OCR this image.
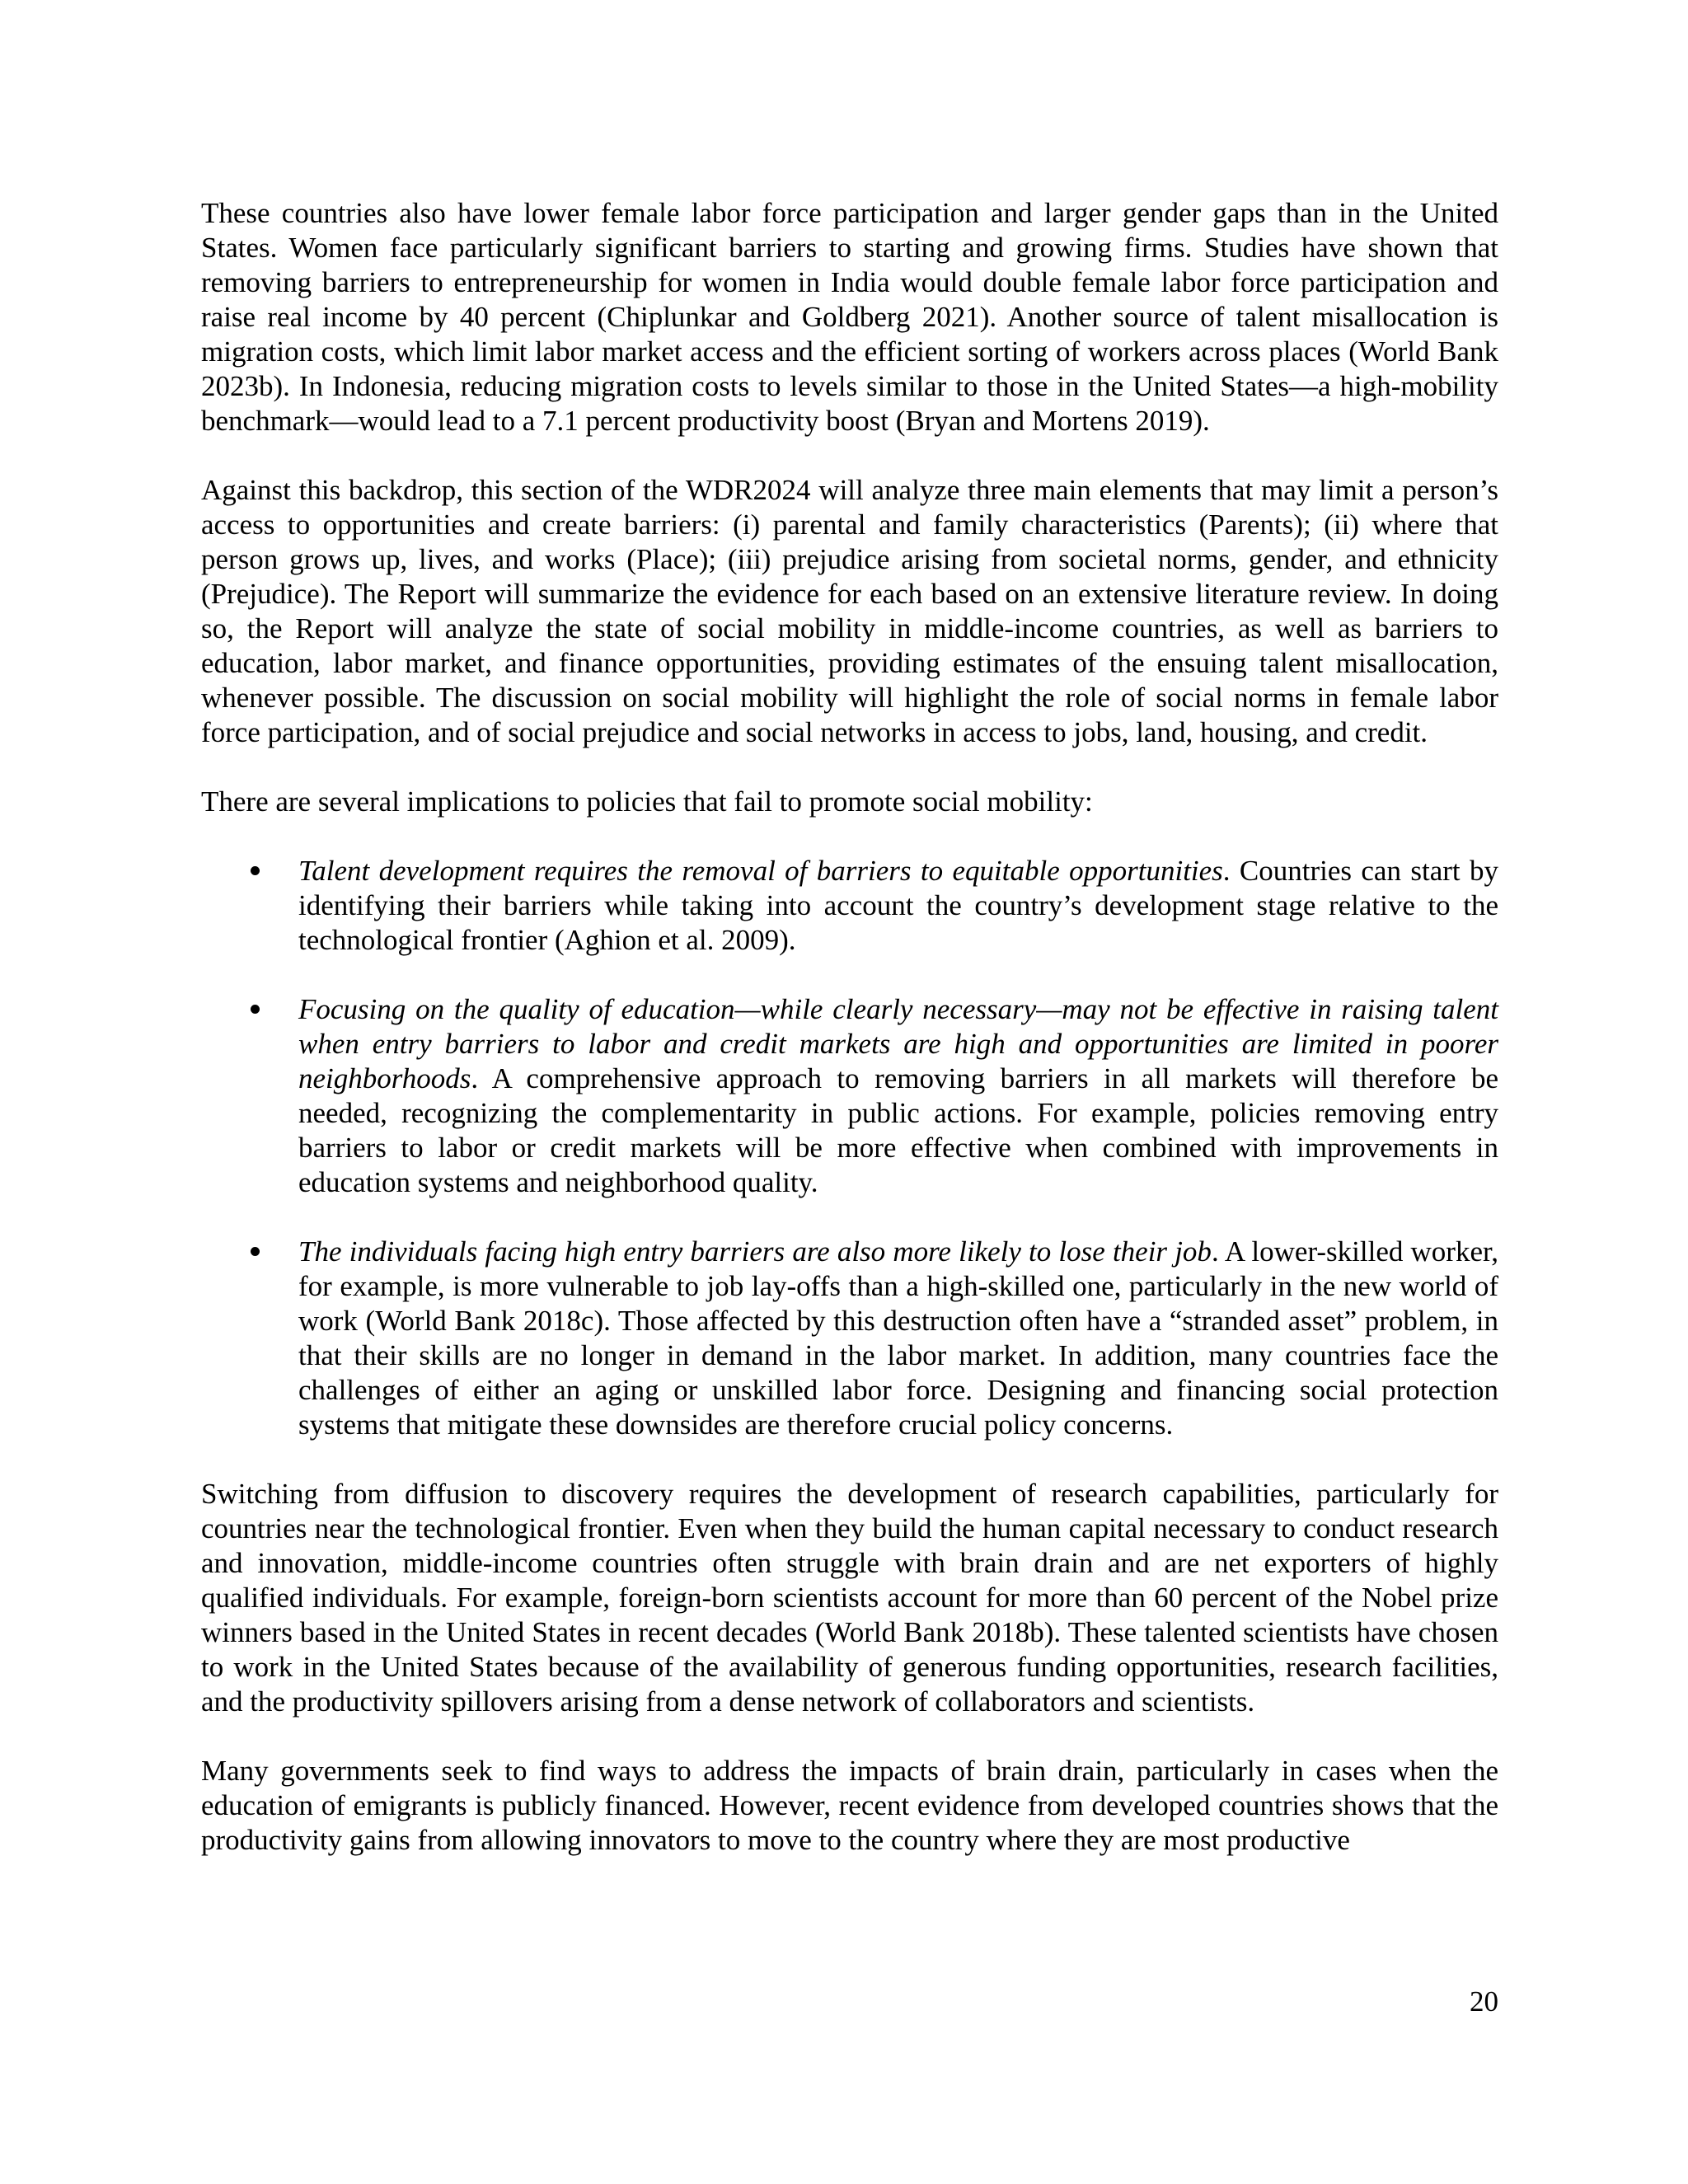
These countries also have lower female labor force participation and larger gender gaps than in the United States. Women face particularly significant barriers to starting and growing firms. Studies have shown that removing barriers to entrepreneurship for women in India would double female labor force participation and raise real income by 40 percent (Chiplunkar and Goldberg 2021). Another source of talent misallocation is migration costs, which limit labor market access and the efficient sorting of workers across places (World Bank 2023b). In Indonesia, reducing migration costs to levels similar to those in the United States—a high-mobility benchmark—would lead to a 7.1 percent productivity boost (Bryan and Mortens 2019).

Against this backdrop, this section of the WDR2024 will analyze three main elements that may limit a person’s access to opportunities and create barriers: (i) parental and family characteristics (Parents); (ii) where that person grows up, lives, and works (Place); (iii) prejudice arising from societal norms, gender, and ethnicity (Prejudice). The Report will summarize the evidence for each based on an extensive literature review. In doing so, the Report will analyze the state of social mobility in middle-income countries, as well as barriers to education, labor market, and finance opportunities, providing estimates of the ensuing talent misallocation, whenever possible. The discussion on social mobility will highlight the role of social norms in female labor force participation, and of social prejudice and social networks in access to jobs, land, housing, and credit.

There are several implications to policies that fail to promote social mobility:

Talent development requires the removal of barriers to equitable opportunities. Countries can start by identifying their barriers while taking into account the country’s development stage relative to the technological frontier (Aghion et al. 2009).
Focusing on the quality of education—while clearly necessary—may not be effective in raising talent when entry barriers to labor and credit markets are high and opportunities are limited in poorer neighborhoods. A comprehensive approach to removing barriers in all markets will therefore be needed, recognizing the complementarity in public actions. For example, policies removing entry barriers to labor or credit markets will be more effective when combined with improvements in education systems and neighborhood quality.
The individuals facing high entry barriers are also more likely to lose their job. A lower-skilled worker, for example, is more vulnerable to job lay-offs than a high-skilled one, particularly in the new world of work (World Bank 2018c). Those affected by this destruction often have a “stranded asset” problem, in that their skills are no longer in demand in the labor market. In addition, many countries face the challenges of either an aging or unskilled labor force. Designing and financing social protection systems that mitigate these downsides are therefore crucial policy concerns.

Switching from diffusion to discovery requires the development of research capabilities, particularly for countries near the technological frontier. Even when they build the human capital necessary to conduct research and innovation, middle-income countries often struggle with brain drain and are net exporters of highly qualified individuals. For example, foreign-born scientists account for more than 60 percent of the Nobel prize winners based in the United States in recent decades (World Bank 2018b). These talented scientists have chosen to work in the United States because of the availability of generous funding opportunities, research facilities, and the productivity spillovers arising from a dense network of collaborators and scientists.

Many governments seek to find ways to address the impacts of brain drain, particularly in cases when the education of emigrants is publicly financed. However, recent evidence from developed countries shows that the productivity gains from allowing innovators to move to the country where they are most productive

20
